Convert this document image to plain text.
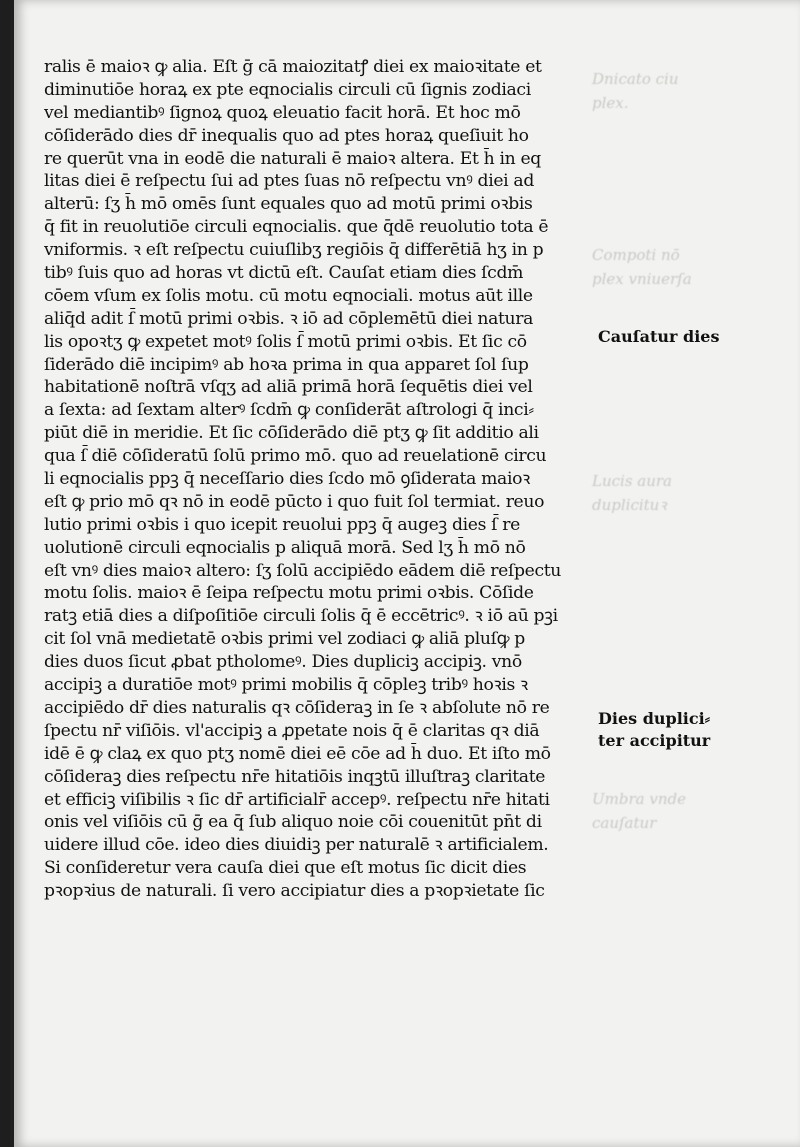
Dnicato ciu
plex.
Compoti nō
plex vniuerſa
Lucis aura
duplicituꝛ
Umbra vnde
cauſatur
ralis ē maioꝛ ꝙ alia. Eſt ḡ cā maiozitatꝭ diei ex maioꝛitate et
diminutiōe horaꝝ ex pte eqnocialis circuli cū ſignis zodiaci
vel mediantibꝰ ſignoꝝ quoꝝ eleuatio facit horā. Et hoc mō
cōſiderādo dies dr̄ inequalis quo ad ptes horaꝝ queſiuit ho
re querūt vna in eodē die naturali ē maioꝛ altera. Et h̄ in eq
litas diei ē reſpectu ſui ad ptes ſuas nō reſpectu vnꝰ diei ad
alterū: ſʒ h̄ mō omēs ſunt equales quo ad motū primi oꝛbis
q̄ fit in reuolutiōe circuli eqnocialis. que q̄dē reuolutio tota ē
vniformis. ꝛ eſt reſpectu cuiuſlibʒ regiōis q̄ differētiā hʒ in p
tibꝰ ſuis quo ad horas vt dictū eſt. Cauſat etiam dies ſcdm̄
cōem vſum ex ſolis motu. cū motu eqnociali. motus aūt ille
aliq̄d adit ſ̄ motū primi oꝛbis. ꝛ iō ad cōplemētū diei natura
lis opoꝛtʒ ꝙ expetet motꝰ ſolis ſ̄ motū primi oꝛbis. Et ſic cō
ſiderādo diē incipimꝰ ab hoꝛa prima in qua apparet ſol ſup
habitationē noſtrā vſqʒ ad aliā primā horā ſequētis diei vel
a ſexta: ad ſextam alterꝰ ſcdm̄ ꝙ conſiderāt aſtrologi q̄ inci⸗
piūt diē in meridie. Et ſic cōſiderādo diē ptʒ ꝙ ſit additio ali
qua ſ̄ diē cōſideratū ſolū primo mō. quo ad reuelationē circu
li eqnocialis ppꝫ q̄ neceſſario dies ſcdo mō ꝯſiderata maioꝛ
eſt ꝙ prio mō qꝛ nō in eodē pūcto i quo fuit ſol termiat. reuo
lutio primi oꝛbis i quo icepit reuolui ppꝫ q̄ augeꝫ dies ſ̄ re
uolutionē circuli eqnocialis p aliquā morā. Sed lʒ h̄ mō nō
eſt vnꝰ dies maioꝛ altero: ſʒ ſolū accipiēdo eādem diē reſpectu
motu ſolis. maioꝛ ē ſeipa reſpectu motu primi oꝛbis. Cōſide
ratꝫ etiā dies a diſpoſitiōe circuli ſolis q̄ ē eccētricꝰ. ꝛ iō aū pꝫi
cit ſol vnā medietatē oꝛbis primi vel zodiaci ꝙ aliā pluſꝙ p
dies duos ſicut ꝓbat ptholomeꝰ. Dies dupliciꝫ accipiꝫ. vnō
accipiꝫ a duratiōe motꝰ primi mobilis q̄ cōpleꝫ tribꝰ hoꝛis ꝛ
accipiēdo dr̄ dies naturalis qꝛ cōſideraꝫ in ſe ꝛ abſolute nō re
ſpectu nr̄ viſiōis. vl'accipiꝫ a ꝓpetate nois q̄ ē claritas qꝛ diā
idē ē ꝙ claꝝ ex quo ptʒ nomē diei eē cōe ad h̄ duo. Et iſto mō
cōſideraꝫ dies reſpectu nr̄e hitatiōis inqꝫtū illuſtraꝫ claritate
et efficiꝫ viſibilis ꝛ ſic dr̄ artificialr̄ accepꝰ. reſpectu nr̄e hitati
onis vel viſiōis cū ḡ ea q̄ ſub aliquo noie cōi couenitūt pn̄t di
uidere illud cōe. ideo dies diuidiꝫ per naturalē ꝛ artificialem.
Si conſideretur vera cauſa diei que eſt motus ſic dicit dies
pꝛopꝛius de naturali. ſi vero accipiatur dies a pꝛopꝛietate ſic
Cauſatur dies
Dies duplici⸗
ter accipitur
